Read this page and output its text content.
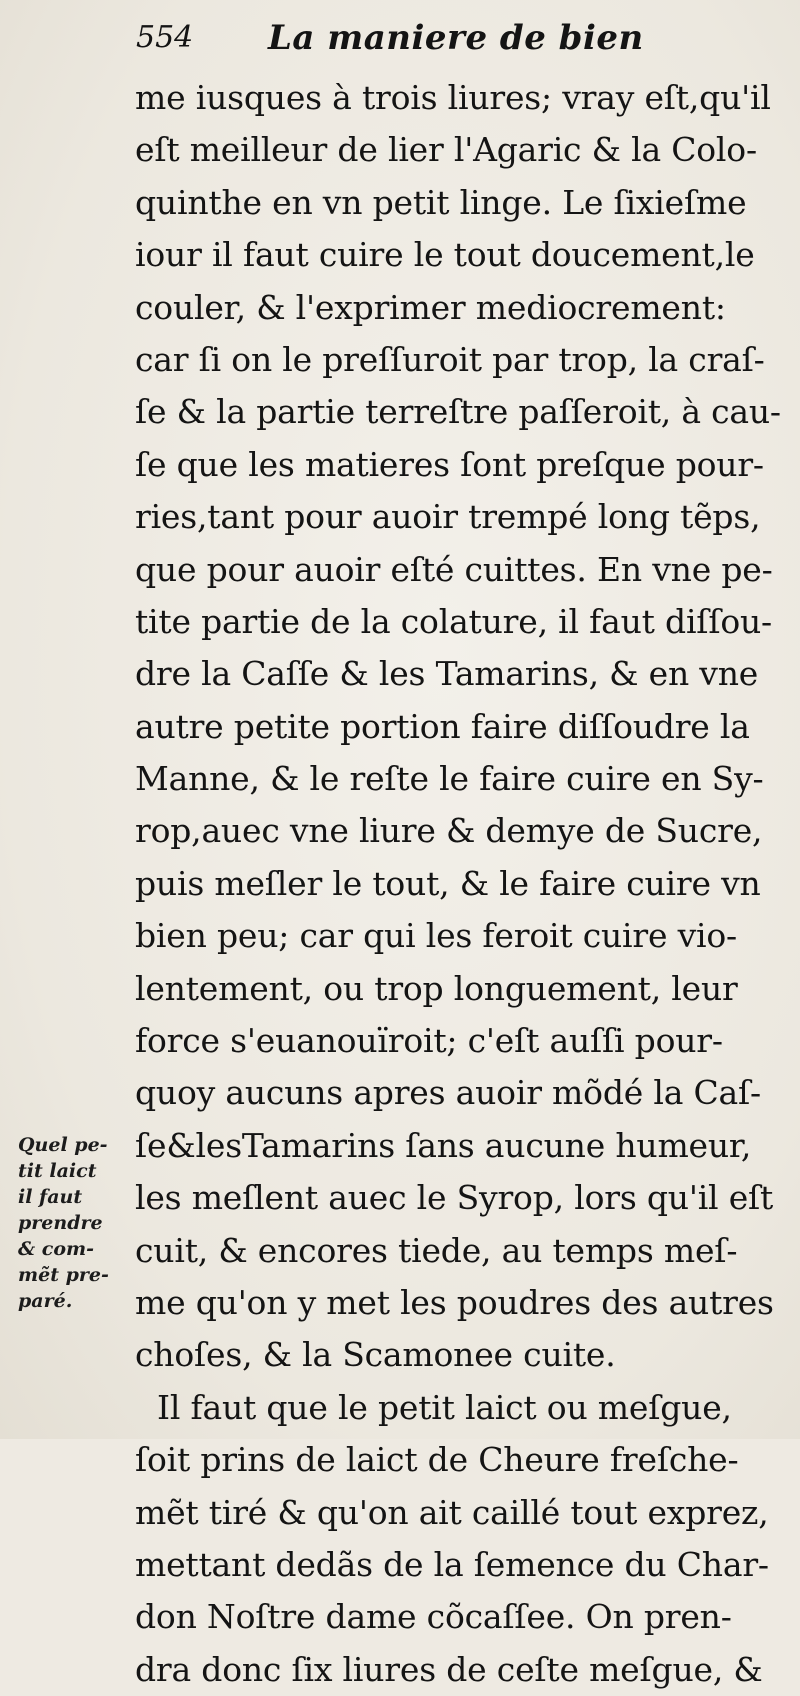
554 La maniere de bien
me iusques à trois liures; vray eſt,qu'il
eſt meilleur de lier l'Agaric & la Colo-
quinthe en vn petit linge. Le ſixieſme
iour il faut cuire le tout doucement,le
couler, & l'exprimer mediocrement:
car ſi on le preſſuroit par trop, la craſ-
ſe & la partie terreſtre paſſeroit, à cau-
ſe que les matieres ſont preſque pour-
ries,tant pour auoir trempé long tẽps,
que pour auoir eſté cuittes. En vne pe-
tite partie de la colature, il faut diſſou-
dre la Caſſe & les Tamarins, & en vne
autre petite portion faire diſſoudre la
Manne, & le reſte le faire cuire en Sy-
rop,auec vne liure & demye de Sucre,
puis meſler le tout, & le faire cuire vn
bien peu; car qui les feroit cuire vio-
lentement, ou trop longuement, leur
force s'euanouïroit; c'eſt auſſi pour-
quoy aucuns apres auoir mõdé la Caſ-
ſe&lesTamarins ſans aucune humeur,
les meſlent auec le Syrop, lors qu'il eſt
cuit, & encores tiede, au temps meſ-
me qu'on y met les poudres des autres
choſes, & la Scamonee cuite.
Il faut que le petit laict ou meſgue,
ſoit prins de laict de Cheure freſche-
mẽt tiré & qu'on ait caillé tout exprez,
mettant dedãs de la ſemence du Char-
don Noſtre dame cõcaſſee. On pren-
dra donc ſix liures de ceſte meſgue, &
Quel pe-
tit laict
il faut
prendre
& com-
mẽt pre-
paré.
